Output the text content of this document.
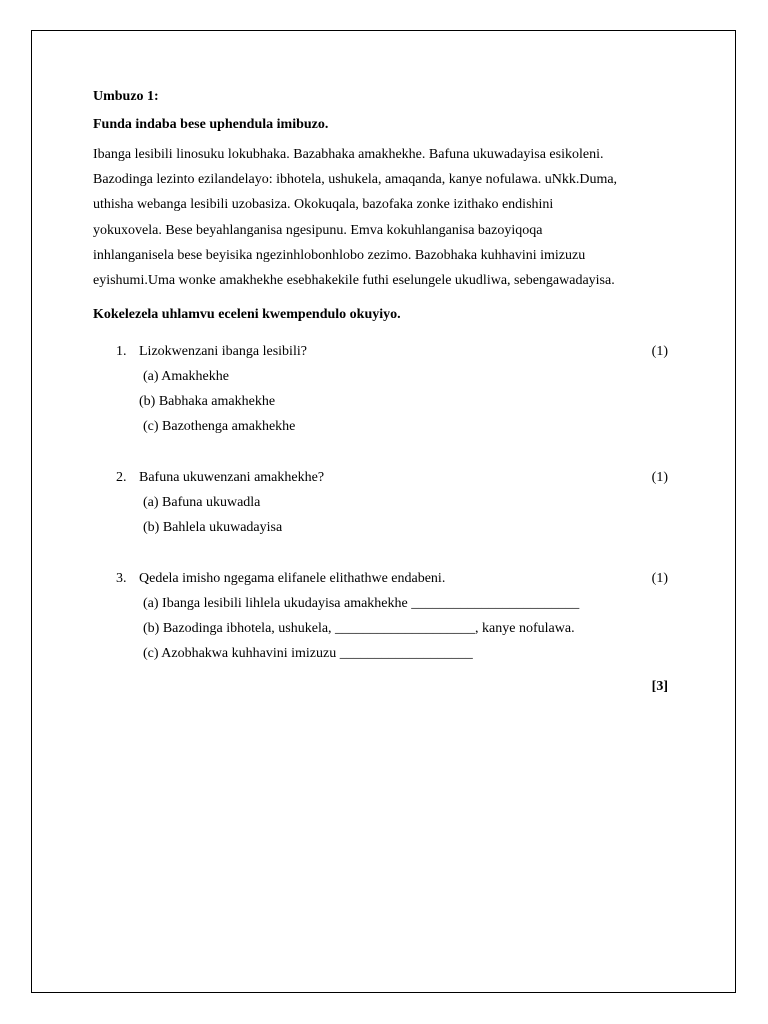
Umbuzo 1:

Funda indaba bese uphendula imibuzo.

Ibanga lesibili linosuku lokubhaka. Bazabhaka amakhekhe. Bafuna ukuwadayisa esikoleni.
Bazodinga lezinto ezilandelayo: ibhotela, ushukela, amaqanda, kanye nofulawa. uNkk.Duma,
uthisha webanga lesibili uzobasiza. Okokuqala, bazofaka zonke izithako endishini
yokuxovela. Bese beyahlanganisa ngesipunu. Emva kokuhlanganisa bazoyiqoqa
inhlanganisela bese beyisika ngezinhlobonhlobo zezimo. Bazobhaka kuhhavini imizuzu
eyishumi.Uma wonke amakhekhe esebhakekile futhi eselungele ukudliwa, sebengawadayisa.

Kokelezela uhlamvu eceleni kwempendulo okuyiyo.

1. Lizokwenzani ibanga lesibili?	(1)
(a) Amakhekhe
(b) Babhaka amakhekhe
(c) Bazothenga amakhekhe
2. Bafuna ukuwenzani amakhekhe?	(1)
(a) Bafuna ukuwadla
(b) Bahlela ukuwadayisa
3. Qedela imisho ngegama elifanele elithathwe endabeni.	(1)
(a) Ibanga lesibili lihlela ukudayisa amakhekhe ________________________
(b) Bazodinga ibhotela, ushukela, ____________________, kanye nofulawa.
(c) Azobhakwa kuhhavini imizuzu ___________________
[3]
